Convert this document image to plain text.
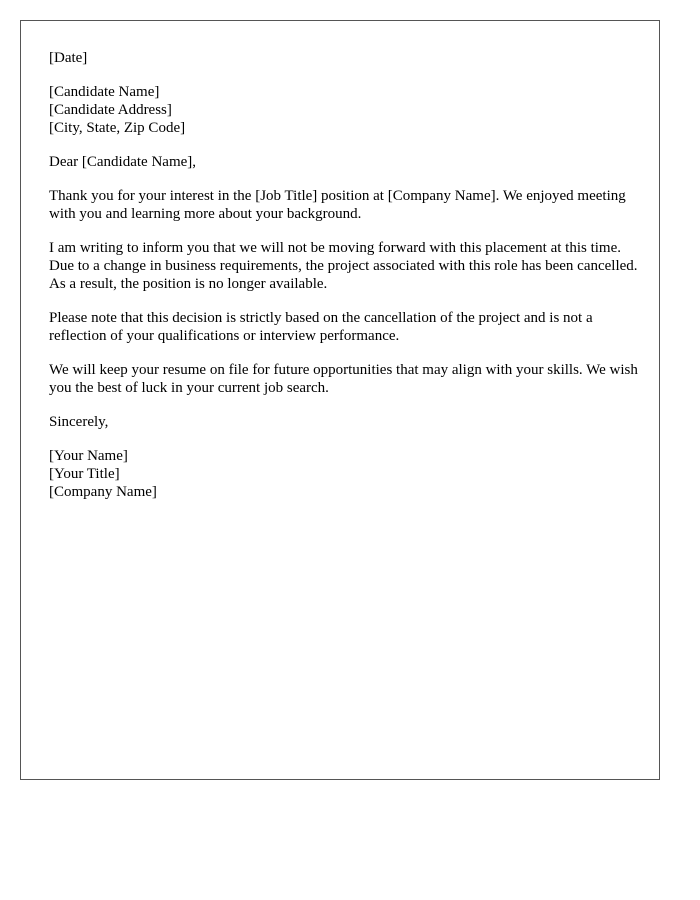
[Date]
[Candidate Name]
[Candidate Address]
[City, State, Zip Code]
Dear [Candidate Name],

Thank you for your interest in the [Job Title] position at [Company Name]. We enjoyed meeting with you and learning more about your background.

I am writing to inform you that we will not be moving forward with this placement at this time. Due to a change in business requirements, the project associated with this role has been cancelled. As a result, the position is no longer available.

Please note that this decision is strictly based on the cancellation of the project and is not a reflection of your qualifications or interview performance.

We will keep your resume on file for future opportunities that may align with your skills. We wish you the best of luck in your current job search.

Sincerely,
[Your Name]
[Your Title]
[Company Name]
